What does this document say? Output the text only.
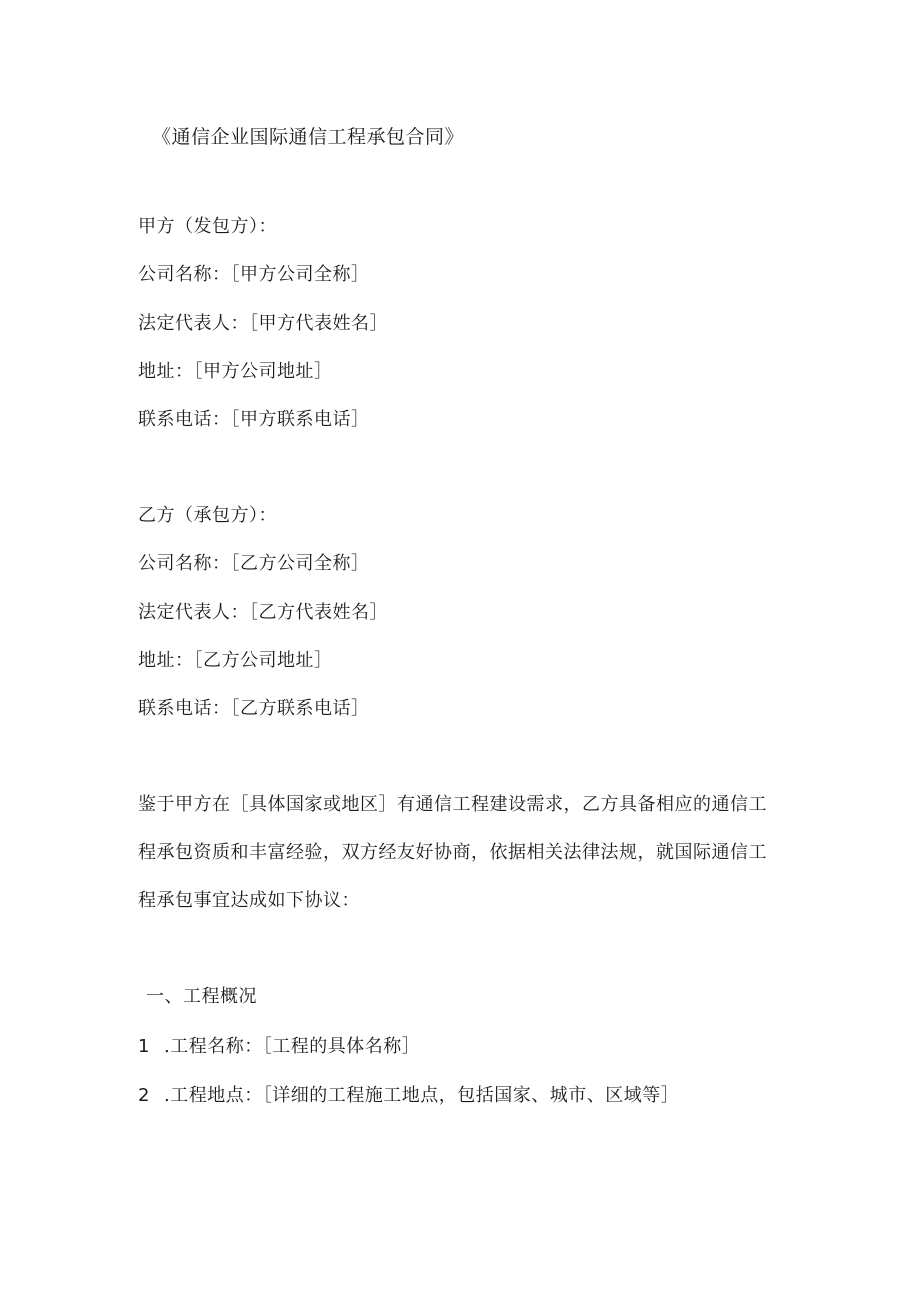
《通信企业国际通信工程承包合同》
甲方（发包方）：
公司名称：［甲方公司全称］
法定代表人：［甲方代表姓名］
地址：［甲方公司地址］
联系电话：［甲方联系电话］
乙方（承包方）：
公司名称：［乙方公司全称］
法定代表人：［乙方代表姓名］
地址：［乙方公司地址］
联系电话：［乙方联系电话］
鉴于甲方在［具体国家或地区］有通信工程建设需求，乙方具备相应的通信工
程承包资质和丰富经验，双方经友好协商，依据相关法律法规，就国际通信工
程承包事宜达成如下协议：
一、工程概况
1 .工程名称：［工程的具体名称］
2 .工程地点：［详细的工程施工地点，包括国家、城市、区域等］
